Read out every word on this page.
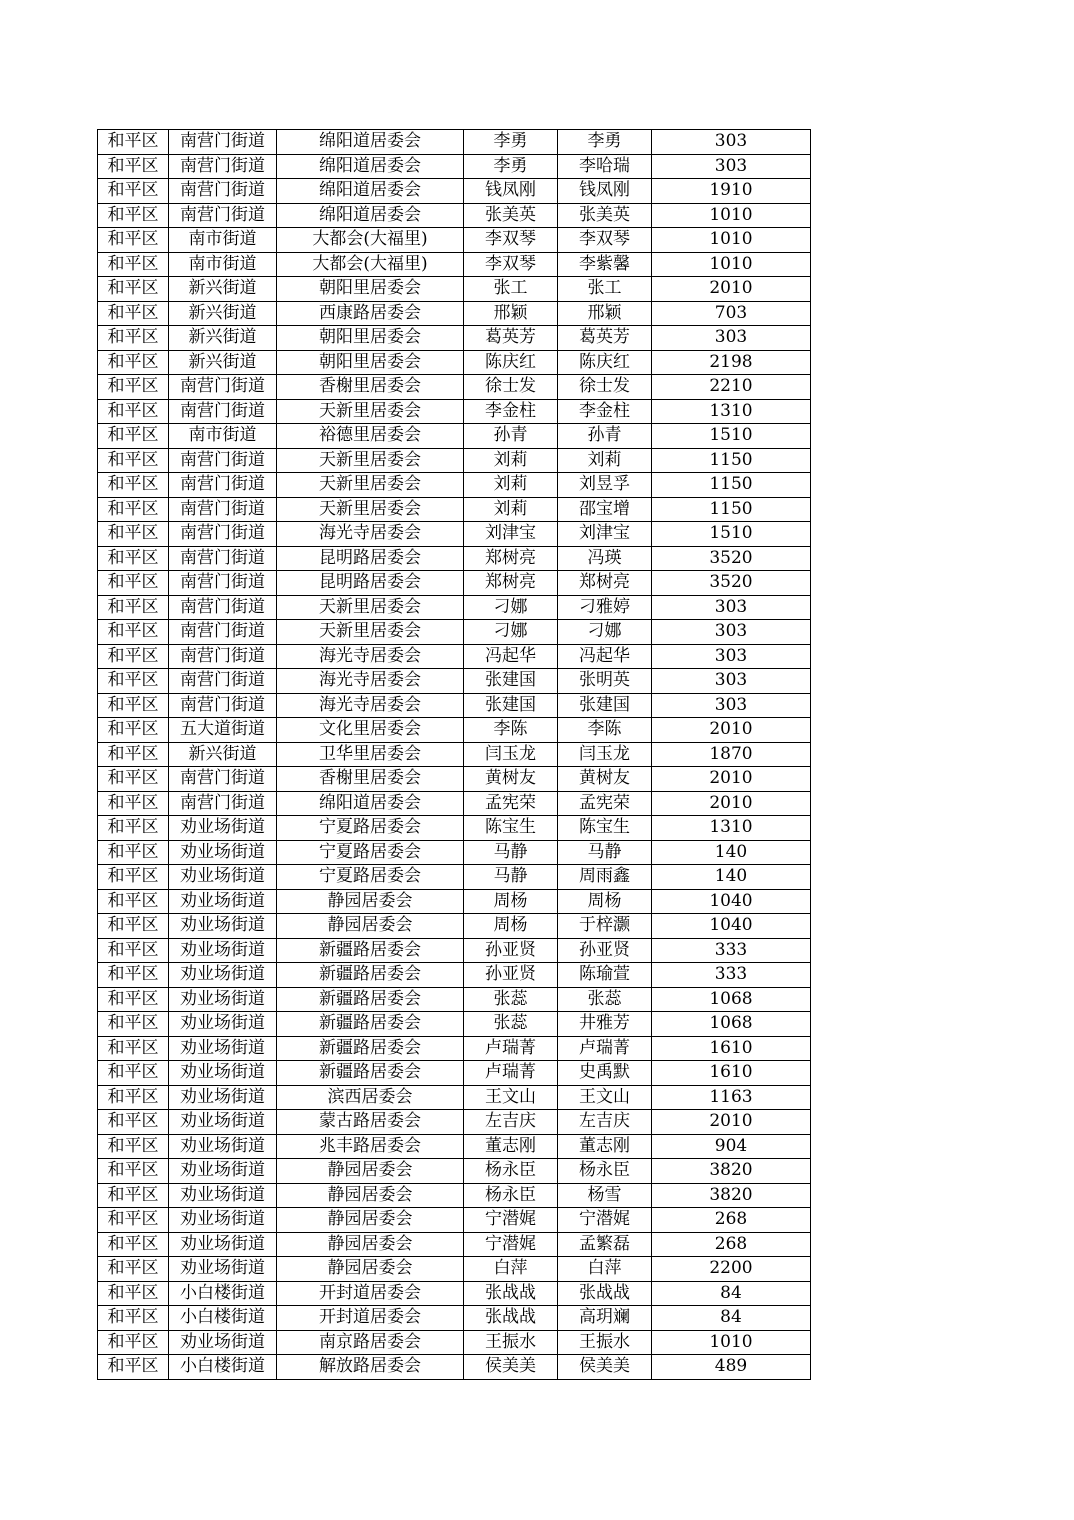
和平区	南营门街道	绵阳道居委会	李勇	李勇	303
和平区	南营门街道	绵阳道居委会	李勇	李哈瑞	303
和平区	南营门街道	绵阳道居委会	钱凤刚	钱凤刚	1910
和平区	南营门街道	绵阳道居委会	张美英	张美英	1010
和平区	南市街道	大都会(大福里)	李双琴	李双琴	1010
和平区	南市街道	大都会(大福里)	李双琴	李紫馨	1010
和平区	新兴街道	朝阳里居委会	张工	张工	2010
和平区	新兴街道	西康路居委会	邢颖	邢颖	703
和平区	新兴街道	朝阳里居委会	葛英芳	葛英芳	303
和平区	新兴街道	朝阳里居委会	陈庆红	陈庆红	2198
和平区	南营门街道	香榭里居委会	徐士发	徐士发	2210
和平区	南营门街道	天新里居委会	李金柱	李金柱	1310
和平区	南市街道	裕德里居委会	孙青	孙青	1510
和平区	南营门街道	天新里居委会	刘莉	刘莉	1150
和平区	南营门街道	天新里居委会	刘莉	刘昱孚	1150
和平区	南营门街道	天新里居委会	刘莉	邵宝增	1150
和平区	南营门街道	海光寺居委会	刘津宝	刘津宝	1510
和平区	南营门街道	昆明路居委会	郑树亮	冯瑛	3520
和平区	南营门街道	昆明路居委会	郑树亮	郑树亮	3520
和平区	南营门街道	天新里居委会	刁娜	刁雅婷	303
和平区	南营门街道	天新里居委会	刁娜	刁娜	303
和平区	南营门街道	海光寺居委会	冯起华	冯起华	303
和平区	南营门街道	海光寺居委会	张建国	张明英	303
和平区	南营门街道	海光寺居委会	张建国	张建国	303
和平区	五大道街道	文化里居委会	李陈	李陈	2010
和平区	新兴街道	卫华里居委会	闫玉龙	闫玉龙	1870
和平区	南营门街道	香榭里居委会	黄树友	黄树友	2010
和平区	南营门街道	绵阳道居委会	孟宪荣	孟宪荣	2010
和平区	劝业场街道	宁夏路居委会	陈宝生	陈宝生	1310
和平区	劝业场街道	宁夏路居委会	马静	马静	140
和平区	劝业场街道	宁夏路居委会	马静	周雨鑫	140
和平区	劝业场街道	静园居委会	周杨	周杨	1040
和平区	劝业场街道	静园居委会	周杨	于梓灏	1040
和平区	劝业场街道	新疆路居委会	孙亚贤	孙亚贤	333
和平区	劝业场街道	新疆路居委会	孙亚贤	陈瑜萱	333
和平区	劝业场街道	新疆路居委会	张蕊	张蕊	1068
和平区	劝业场街道	新疆路居委会	张蕊	井雅芳	1068
和平区	劝业场街道	新疆路居委会	卢瑞菁	卢瑞菁	1610
和平区	劝业场街道	新疆路居委会	卢瑞菁	史禹默	1610
和平区	劝业场街道	滨西居委会	王文山	王文山	1163
和平区	劝业场街道	蒙古路居委会	左吉庆	左吉庆	2010
和平区	劝业场街道	兆丰路居委会	董志刚	董志刚	904
和平区	劝业场街道	静园居委会	杨永臣	杨永臣	3820
和平区	劝业场街道	静园居委会	杨永臣	杨雪	3820
和平区	劝业场街道	静园居委会	宁潜娓	宁潜娓	268
和平区	劝业场街道	静园居委会	宁潜娓	孟繁磊	268
和平区	劝业场街道	静园居委会	白萍	白萍	2200
和平区	小白楼街道	开封道居委会	张战战	张战战	84
和平区	小白楼街道	开封道居委会	张战战	高玥斓	84
和平区	劝业场街道	南京路居委会	王振水	王振水	1010
和平区	小白楼街道	解放路居委会	侯美美	侯美美	489
